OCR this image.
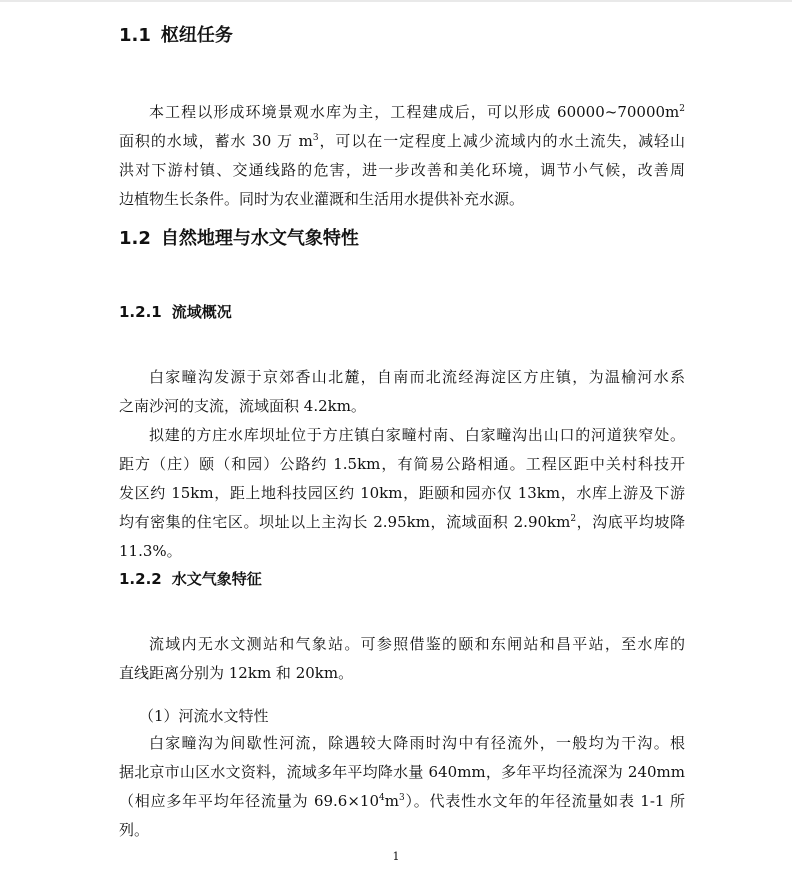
1.1 枢纽任务

本工程以形成环境景观水库为主，工程建成后，可以形成 $60000\sim 70000m^2$
面积的水域，蓄水 30 万 $m^3$，可以在一定程度上减少流域内的水土流失，减轻山
洪对下游村镇、交通线路的危害，进一步改善和美化环境，调节小气候，改善周
边植物生长条件。同时为农业灌溉和生活用水提供补充水源。

1.2 自然地理与水文气象特性
1.2.1 流域概况

白家疃沟发源于京郊香山北麓，自南而北流经海淀区方庄镇，为温榆河水系
之南沙河的支流，流域面积 4.2km。

拟建的方庄水库坝址位于方庄镇白家疃村南、白家疃沟出山口的河道狭窄处。
距方（庄）颐（和园）公路约 1.5km，有简易公路相通。工程区距中关村科技开
发区约 15km，距上地科技园区约 10km，距颐和园亦仅 13km，水库上游及下游
均有密集的住宅区。坝址以上主沟长 2.95km，流域面积 $2.90km^2$，沟底平均坡降
11.3%。

1.2.2 水文气象特征

流域内无水文测站和气象站。可参照借鉴的颐和东闸站和昌平站，至水库的
直线距离分别为 12km 和 20km。

（1）河流水文特性

白家疃沟为间歇性河流，除遇较大降雨时沟中有径流外，一般均为干沟。根
据北京市山区水文资料，流域多年平均降水量 640mm，多年平均径流深为 240mm
（相应多年平均年径流量为 $69.6\times 10^4m^3$）。代表性水文年的年径流量如表 1-1 所
列。

1
